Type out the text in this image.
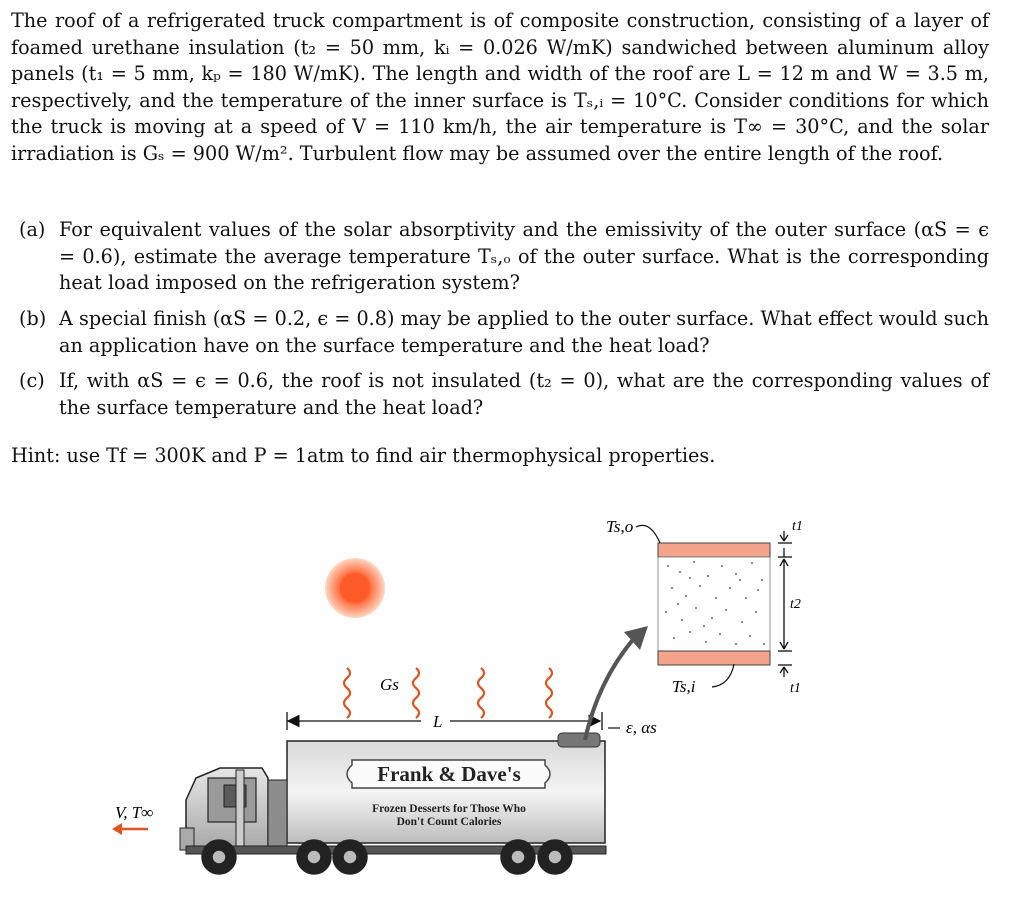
The roof of a refrigerated truck compartment is of composite construction, consisting of a layer of foamed urethane insulation (t₂ = 50 mm, kᵢ = 0.026 W/mK) sandwiched between aluminum alloy panels (t₁ = 5 mm, kₚ = 180 W/mK). The length and width of the roof are L = 12 m and W = 3.5 m, respectively, and the temperature of the inner surface is Tₛ,ᵢ = 10°C. Consider conditions for which the truck is moving at a speed of V = 110 km/h, the air temperature is T∞ = 30°C, and the solar irradiation is Gₛ = 900 W/m². Turbulent flow may be assumed over the entire length of the roof.

(a) For equivalent values of the solar absorptivity and the emissivity of the outer surface (αS = ϵ = 0.6), estimate the average temperature Tₛ,ₒ of the outer surface. What is the corresponding heat load imposed on the refrigeration system?
(b) A special finish (αS = 0.2, ϵ = 0.8) may be applied to the outer surface. What effect would such an application have on the surface temperature and the heat load?
(c) If, with αS = ϵ = 0.6, the roof is not insulated (t₂ = 0), what are the corresponding values of the surface temperature and the heat load?
Hint: use Tf = 300K and P = 1atm to find air thermophysical properties.
Gs
L
Frank & Dave's
Frozen Desserts for Those Who
Don't Count Calories
V, T∞
ε, αs
Ts,o
Ts,i
t1
t2
t1
